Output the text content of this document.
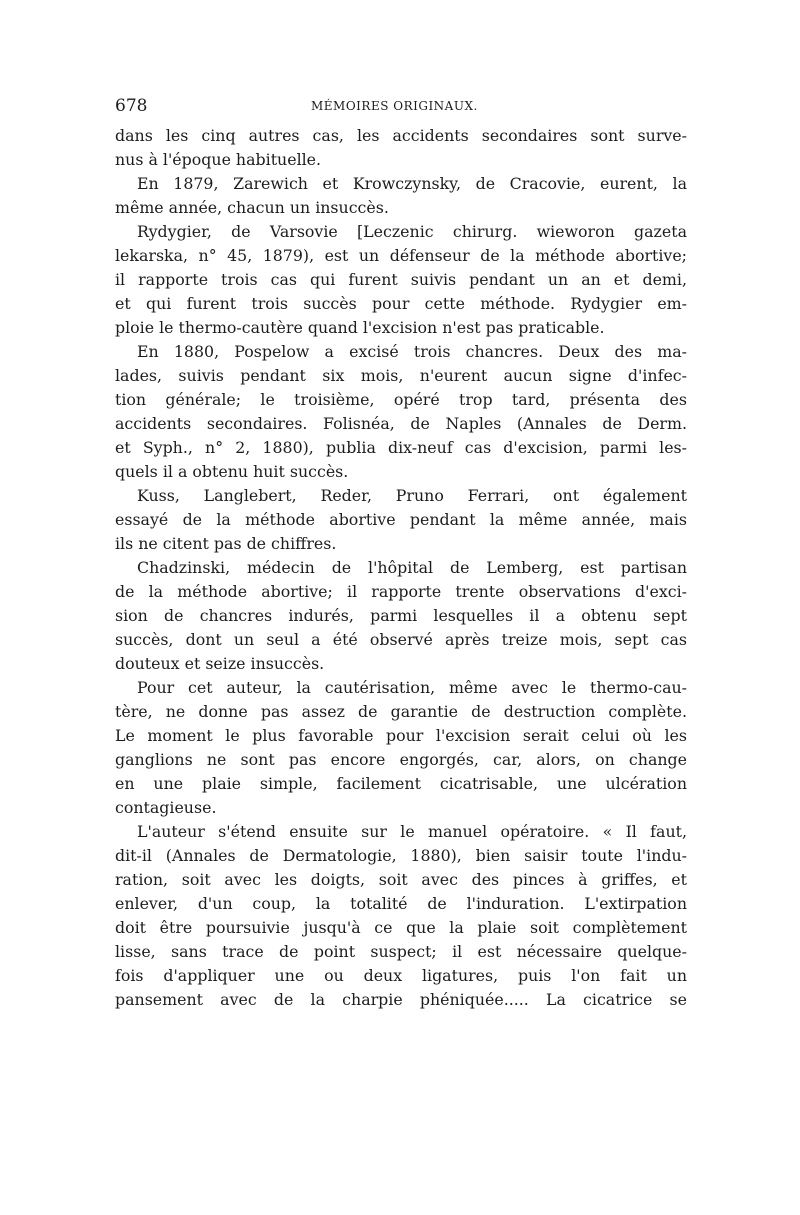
678	MÉMOIRES ORIGINAUX.
dans les cinq autres cas, les accidents secondaires sont surve-
nus à l'époque habituelle.
En 1879, Zarewich et Krowczynsky, de Cracovie, eurent, la
même année, chacun un insuccès.
Rydygier, de Varsovie [Leczenic chirurg. wieworon gazeta
lekarska, n° 45, 1879), est un défenseur de la méthode abortive;
il rapporte trois cas qui furent suivis pendant un an et demi,
et qui furent trois succès pour cette méthode. Rydygier em-
ploie le thermo-cautère quand l'excision n'est pas praticable.
En 1880, Pospelow a excisé trois chancres. Deux des ma-
lades, suivis pendant six mois, n'eurent aucun signe d'infec-
tion générale; le troisième, opéré trop tard, présenta des
accidents secondaires. Folisnéa, de Naples (Annales de Derm.
et Syph., n° 2, 1880), publia dix-neuf cas d'excision, parmi les-
quels il a obtenu huit succès.
Kuss, Langlebert, Reder, Pruno Ferrari, ont également
essayé de la méthode abortive pendant la même année, mais
ils ne citent pas de chiffres.
Chadzinski, médecin de l'hôpital de Lemberg, est partisan
de la méthode abortive; il rapporte trente observations d'exci-
sion de chancres indurés, parmi lesquelles il a obtenu sept
succès, dont un seul a été observé après treize mois, sept cas
douteux et seize insuccès.
Pour cet auteur, la cautérisation, même avec le thermo-cau-
tère, ne donne pas assez de garantie de destruction complète.
Le moment le plus favorable pour l'excision serait celui où les
ganglions ne sont pas encore engorgés, car, alors, on change
en une plaie simple, facilement cicatrisable, une ulcération
contagieuse.
L'auteur s'étend ensuite sur le manuel opératoire. « Il faut,
dit-il (Annales de Dermatologie, 1880), bien saisir toute l'indu-
ration, soit avec les doigts, soit avec des pinces à griffes, et
enlever, d'un coup, la totalité de l'induration. L'extirpation
doit être poursuivie jusqu'à ce que la plaie soit complètement
lisse, sans trace de point suspect; il est nécessaire quelque-
fois d'appliquer une ou deux ligatures, puis l'on fait un
pansement avec de la charpie phéniquée..... La cicatrice se
